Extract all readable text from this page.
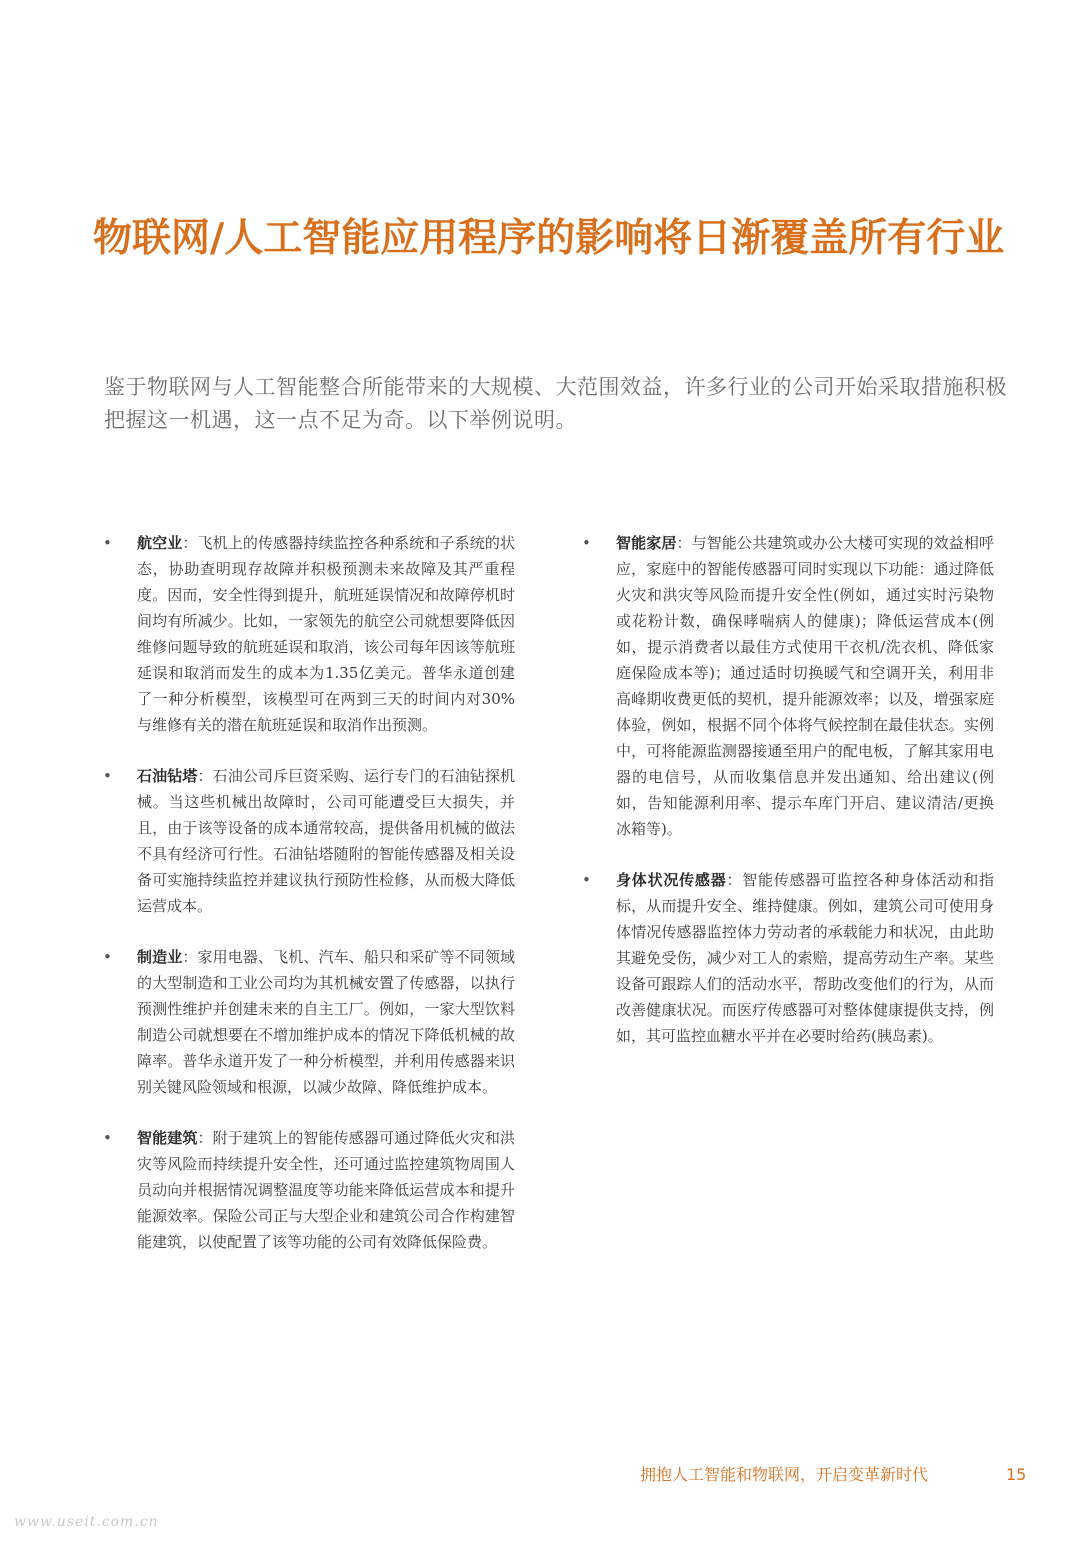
物联网/人工智能应用程序的影响将日渐覆盖所有行业

鉴于物联网与人工智能整合所能带来的大规模、大范围效益，许多行业的公司开始采取措施积极把握这一机遇，这一点不足为奇。以下举例说明。

• 航空业：飞机上的传感器持续监控各种系统和子系统的状态，协助查明现存故障并积极预测未来故障及其严重程度。因而，安全性得到提升，航班延误情况和故障停机时间均有所减少。比如，一家领先的航空公司就想要降低因维修问题导致的航班延误和取消，该公司每年因该等航班延误和取消而发生的成本为1.35亿美元。普华永道创建了一种分析模型，该模型可在两到三天的时间内对30%与维修有关的潜在航班延误和取消作出预测。
• 石油钻塔：石油公司斥巨资采购、运行专门的石油钻探机械。当这些机械出故障时，公司可能遭受巨大损失，并且，由于该等设备的成本通常较高，提供备用机械的做法不具有经济可行性。石油钻塔随附的智能传感器及相关设备可实施持续监控并建议执行预防性检修，从而极大降低运营成本。
• 制造业：家用电器、飞机、汽车、船只和采矿等不同领域的大型制造和工业公司均为其机械安置了传感器，以执行预测性维护并创建未来的自主工厂。例如，一家大型饮料制造公司就想要在不增加维护成本的情况下降低机械的故障率。普华永道开发了一种分析模型，并利用传感器来识别关键风险领域和根源，以减少故障、降低维护成本。
• 智能建筑：附于建筑上的智能传感器可通过降低火灾和洪灾等风险而持续提升安全性，还可通过监控建筑物周围人员动向并根据情况调整温度等功能来降低运营成本和提升能源效率。保险公司正与大型企业和建筑公司合作构建智能建筑，以使配置了该等功能的公司有效降低保险费。
• 智能家居：与智能公共建筑或办公大楼可实现的效益相呼应，家庭中的智能传感器可同时实现以下功能：通过降低火灾和洪灾等风险而提升安全性(例如，通过实时污染物或花粉计数，确保哮喘病人的健康)；降低运营成本(例如，提示消费者以最佳方式使用干衣机/洗衣机、降低家庭保险成本等)；通过适时切换暖气和空调开关，利用非高峰期收费更低的契机，提升能源效率；以及，增强家庭体验，例如，根据不同个体将气候控制在最佳状态。实例中，可将能源监测器接通至用户的配电板，了解其家用电器的电信号，从而收集信息并发出通知、给出建议(例如，告知能源利用率、提示车库门开启、建议清洁/更换冰箱等)。
• 身体状况传感器：智能传感器可监控各种身体活动和指标，从而提升安全、维持健康。例如，建筑公司可使用身体情况传感器监控体力劳动者的承载能力和状况，由此助其避免受伤，减少对工人的索赔，提高劳动生产率。某些设备可跟踪人们的活动水平，帮助改变他们的行为，从而改善健康状况。而医疗传感器可对整体健康提供支持，例如，其可监控血糖水平并在必要时给药(胰岛素)。
拥抱人工智能和物联网，开启变革新时代	15
www.useit.com.cn
